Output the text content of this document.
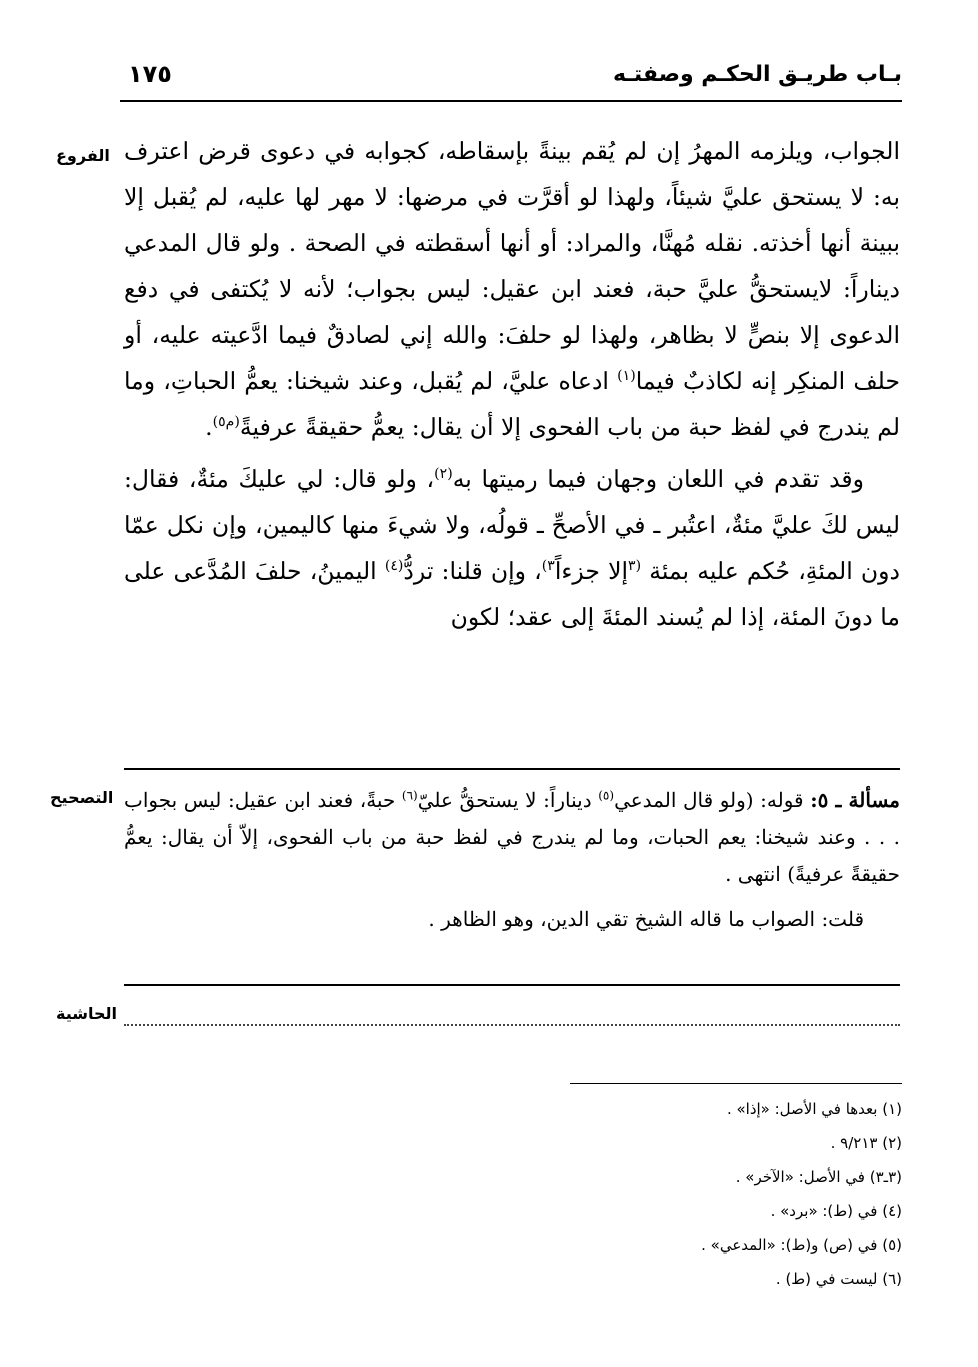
بـاب طريـق الحكـم وصفتـه
١٧٥
الفروع
التصحيح
الحاشية

الجواب، ويلزمه المهرُ إن لم يُقم بينةً بإسقاطه، كجوابه في دعوى قرض اعترف به: لا يستحق عليَّ شيئاً، ولهذا لو أقرَّت في مرضها: لا مهر لها عليه، لم يُقبل إلا ببينة أنها أخذته. نقله مُهنَّا، والمراد: أو أنها أسقطته في الصحة . ولو قال المدعي ديناراً: لايستحقُّ عليَّ حبة، فعند ابن عقيل: ليس بجواب؛ لأنه لا يُكتفى في دفع الدعوى إلا بنصٍّ لا بظاهر، ولهذا لو حلفَ: والله إني لصادقٌ فيما ادَّعيته عليه، أو حلف المنكِر إنه لكاذبٌ فيما$^{(١)}$ ادعاه عليَّ، لم يُقبل، وعند شيخنا: يعمُّ الحباتِ، وما لم يندرج في لفظ حبة من باب الفحوى إلا أن يقال: يعمُّ حقيقةً عرفيةً$^{(م٥)}$.

وقد تقدم في اللعان وجهان فيما رميتها به$^{(٢)}$، ولو قال: لي عليكَ مئةٌ، فقال: ليس لكَ عليَّ مئةٌ، اعتُبر ـ في الأصحِّ ـ قولُه، ولا شيءَ منها كاليمين، وإن نكل عمّا دون المئةِ، حُكم عليه بمئة $^{(٣}$إلا جزءاً$^{٣)}$، وإن قلنا: تردُّ$^{(٤)}$ اليمينُ، حلفَ المُدَّعى على ما دونَ المئة، إذا لم يُسند المئةَ إلى عقد؛ لكون

مسألة ـ ٥: قوله: (ولو قال المدعي$^{(٥)}$ ديناراً: لا يستحقُّ عليّ$^{(٦)}$ حبةً، فعند ابن عقيل: ليس بجواب . . . وعند شيخنا: يعم الحبات، وما لم يندرج في لفظ حبة من باب الفحوى، إلاّ أن يقال: يعمُّ حقيقةً عرفيةً) انتهى .

قلت: الصواب ما قاله الشيخ تقي الدين، وهو الظاهر .

(١) بعدها في الأصل: «إذا» .

(٢) ٩/٢١٣ .

(٣ـ٣) في الأصل: «الآخر» .

(٤) في (ط): «برد» .

(٥) في (ص) و(ط): «المدعي» .

(٦) ليست في (ط) .
